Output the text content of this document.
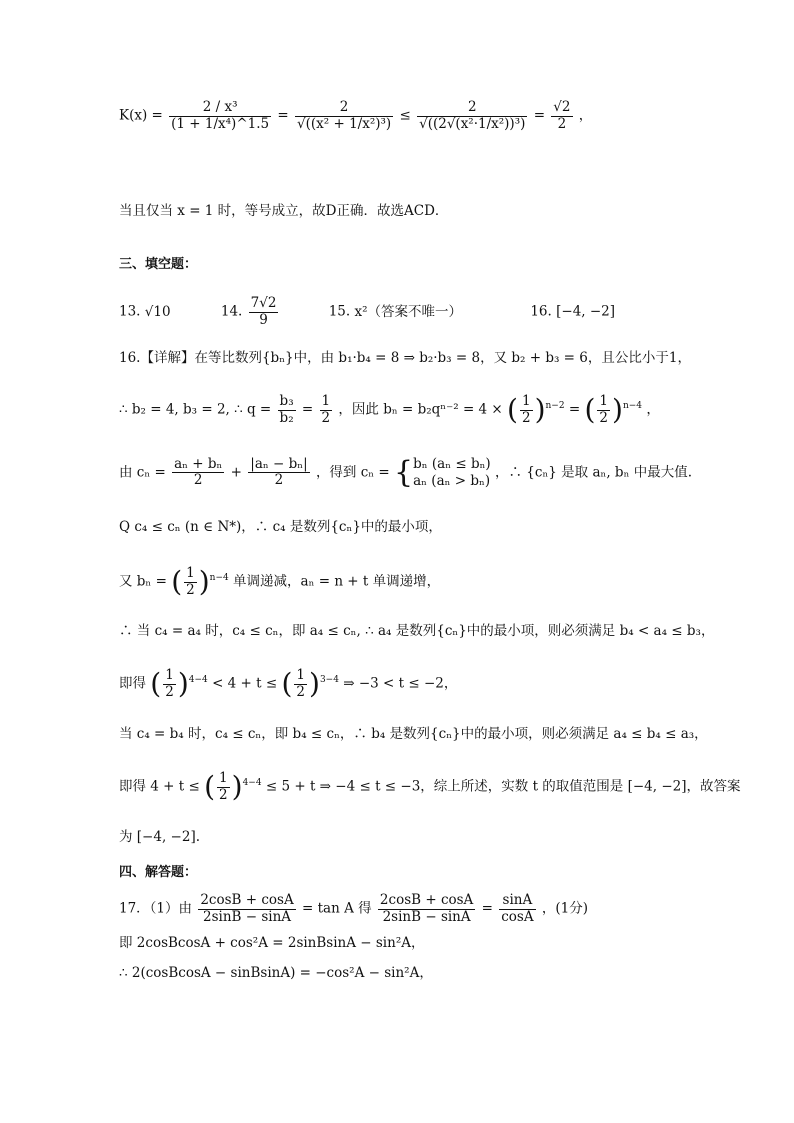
$K(x) = \frac{\text{2 / x³}}{\text{(1 + 1/x⁴)\textasciicircum{}1.5}} = \frac{2}{\text{√((x² + 1/x²)³)}} \le \frac{2}{\text{√((2√(x²·1/x²))³)}} = \frac{√2}{2}$ ，
当且仅当 x = 1 时，等号成立，故D正确．故选ACD．
三、填空题：
13. √10	14. $\frac{7√2}{9}$	15. x²（答案不唯一）	16. [−4, −2]
16.【详解】在等比数列{bₙ}中，由 b₁·b₄ = 8 ⇒ b₂·b₃ = 8，又 b₂ + b₃ = 6，且公比小于1，
∴ b₂ = 4, b₃ = 2, ∴ $q = \frac{\text{b₃}}{\text{b₂}} = \frac{1}{2}$ ，因此 bₙ = b₂qⁿ⁻² = 4 × ( $\frac{1}{2} )^{n-2}$ = ( $\frac{1}{2} )^{n-4}$ ，
由 $c_n = \frac{\text{aₙ + bₙ}}{2} + \frac{\text{|aₙ − bₙ|}}{2}$ ，得到 cₙ = { bₙ (aₙ ≤ bₙ)
aₙ (aₙ > bₙ)
，∴ {cₙ} 是取 aₙ, bₙ 中最大值.
Q c₄ ≤ cₙ (n ∈ N*)，∴ c₄ 是数列{cₙ}中的最小项，
又 bₙ = ( $\frac{1}{2} )^{n-4}$ 单调递减，aₙ = n + t 单调递增，
∴ 当 c₄ = a₄ 时，c₄ ≤ cₙ，即 a₄ ≤ cₙ, ∴ a₄ 是数列{cₙ}中的最小项，则必须满足 b₄ < a₄ ≤ b₃，
即得 ( $\frac{1}{2} )^{4-4} < 4 + t$ ≤ ( $\frac{1}{2} )^{3-4}$ ⇒ −3 < t ≤ −2，
当 c₄ = b₄ 时，c₄ ≤ cₙ，即 b₄ ≤ cₙ，∴ b₄ 是数列{cₙ}中的最小项，则必须满足 a₄ ≤ b₄ ≤ a₃，
即得 4 + t ≤ ( $\frac{1}{2} )^{4-4} \le 5 + t$ ⇒ −4 ≤ t ≤ −3，综上所述，实数 t 的取值范围是 [−4, −2]，故答案
为 [−4, −2].
四、解答题：
17．（1）由 $\frac{2\cos B + \cos A}{2\sin B - \sin A} = \tan A$ 得 $\frac{2\cos B + \cos A}{2\sin B - \sin A} = \frac{\sin A}{\cos A}$ ，(1分)
即 2cosBcosA + cos²A = 2sinBsinA − sin²A，
∴ 2(cosBcosA − sinBsinA) = −cos²A − sin²A，
